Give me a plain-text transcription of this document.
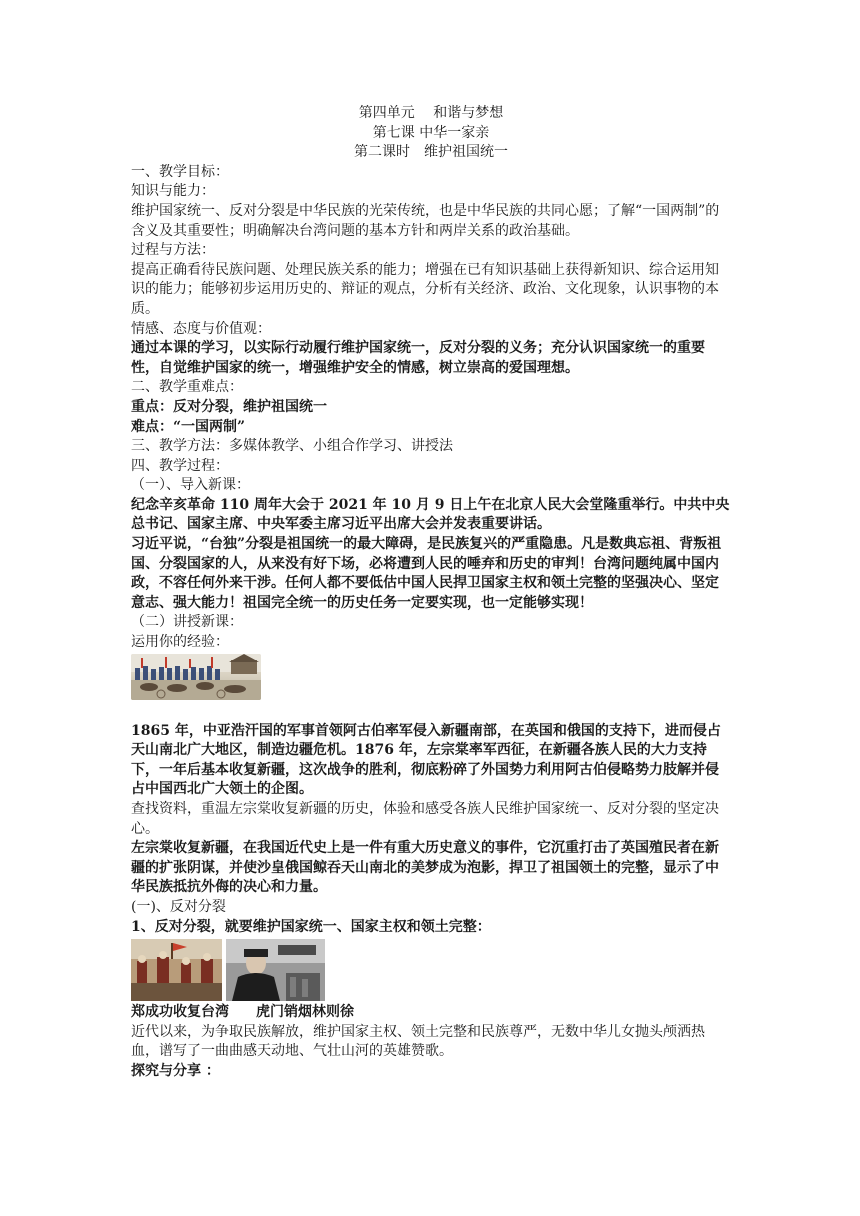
第四单元　 和谐与梦想

第七课 中华一家亲

第二课时　维护祖国统一

一、教学目标：

知识与能力：

维护国家统一、反对分裂是中华民族的光荣传统，也是中华民族的共同心愿；了解“一国两制”的含义及其重要性；明确解决台湾问题的基本方针和两岸关系的政治基础。

过程与方法：

提高正确看待民族问题、处理民族关系的能力；增强在已有知识基础上获得新知识、综合运用知识的能力；能够初步运用历史的、辩证的观点，分析有关经济、政治、文化现象，认识事物的本质。

情感、态度与价值观：

通过本课的学习，以实际行动履行维护国家统一，反对分裂的义务；充分认识国家统一的重要性，自觉维护国家的统一，增强维护安全的情感，树立崇高的爱国理想。

二、教学重难点：

重点：反对分裂，维护祖国统一

难点：“一国两制”

三、教学方法：多媒体教学、小组合作学习、讲授法

四、教学过程：

（一）、导入新课：

纪念辛亥革命 110 周年大会于 2021 年 10 月 9 日上午在北京人民大会堂隆重举行。中共中央总书记、国家主席、中央军委主席习近平出席大会并发表重要讲话。

习近平说，“台独”分裂是祖国统一的最大障碍，是民族复兴的严重隐患。凡是数典忘祖、背叛祖国、分裂国家的人，从来没有好下场，必将遭到人民的唾弃和历史的审判！台湾问题纯属中国内政，不容任何外来干涉。任何人都不要低估中国人民捍卫国家主权和领土完整的坚强决心、坚定意志、强大能力！祖国完全统一的历史任务一定要实现，也一定能够实现！

（二）讲授新课：

运用你的经验：

1865 年，中亚浩汗国的军事首领阿古伯率军侵入新疆南部，在英国和俄国的支持下，进而侵占天山南北广大地区，制造边疆危机。1876 年，左宗棠率军西征，在新疆各族人民的大力支持下，一年后基本收复新疆，这次战争的胜利，彻底粉碎了外国势力利用阿古伯侵略势力肢解并侵占中国西北广大领土的企图。

查找资料，重温左宗棠收复新疆的历史，体验和感受各族人民维护国家统一、反对分裂的坚定决心。

左宗棠收复新疆，在我国近代史上是一件有重大历史意义的事件，它沉重打击了英国殖民者在新疆的扩张阴谋，并使沙皇俄国鲸吞天山南北的美梦成为泡影，捍卫了祖国领土的完整，显示了中华民族抵抗外侮的决心和力量。

(一)、反对分裂

1、反对分裂，就要维护国家统一、国家主权和领土完整：

郑成功收复台湾 虎门销烟林则徐

近代以来，为争取民族解放，维护国家主权、领土完整和民族尊严，无数中华儿女抛头颅洒热血，谱写了一曲曲感天动地、气壮山河的英雄赞歌。

探究与分享 ：
